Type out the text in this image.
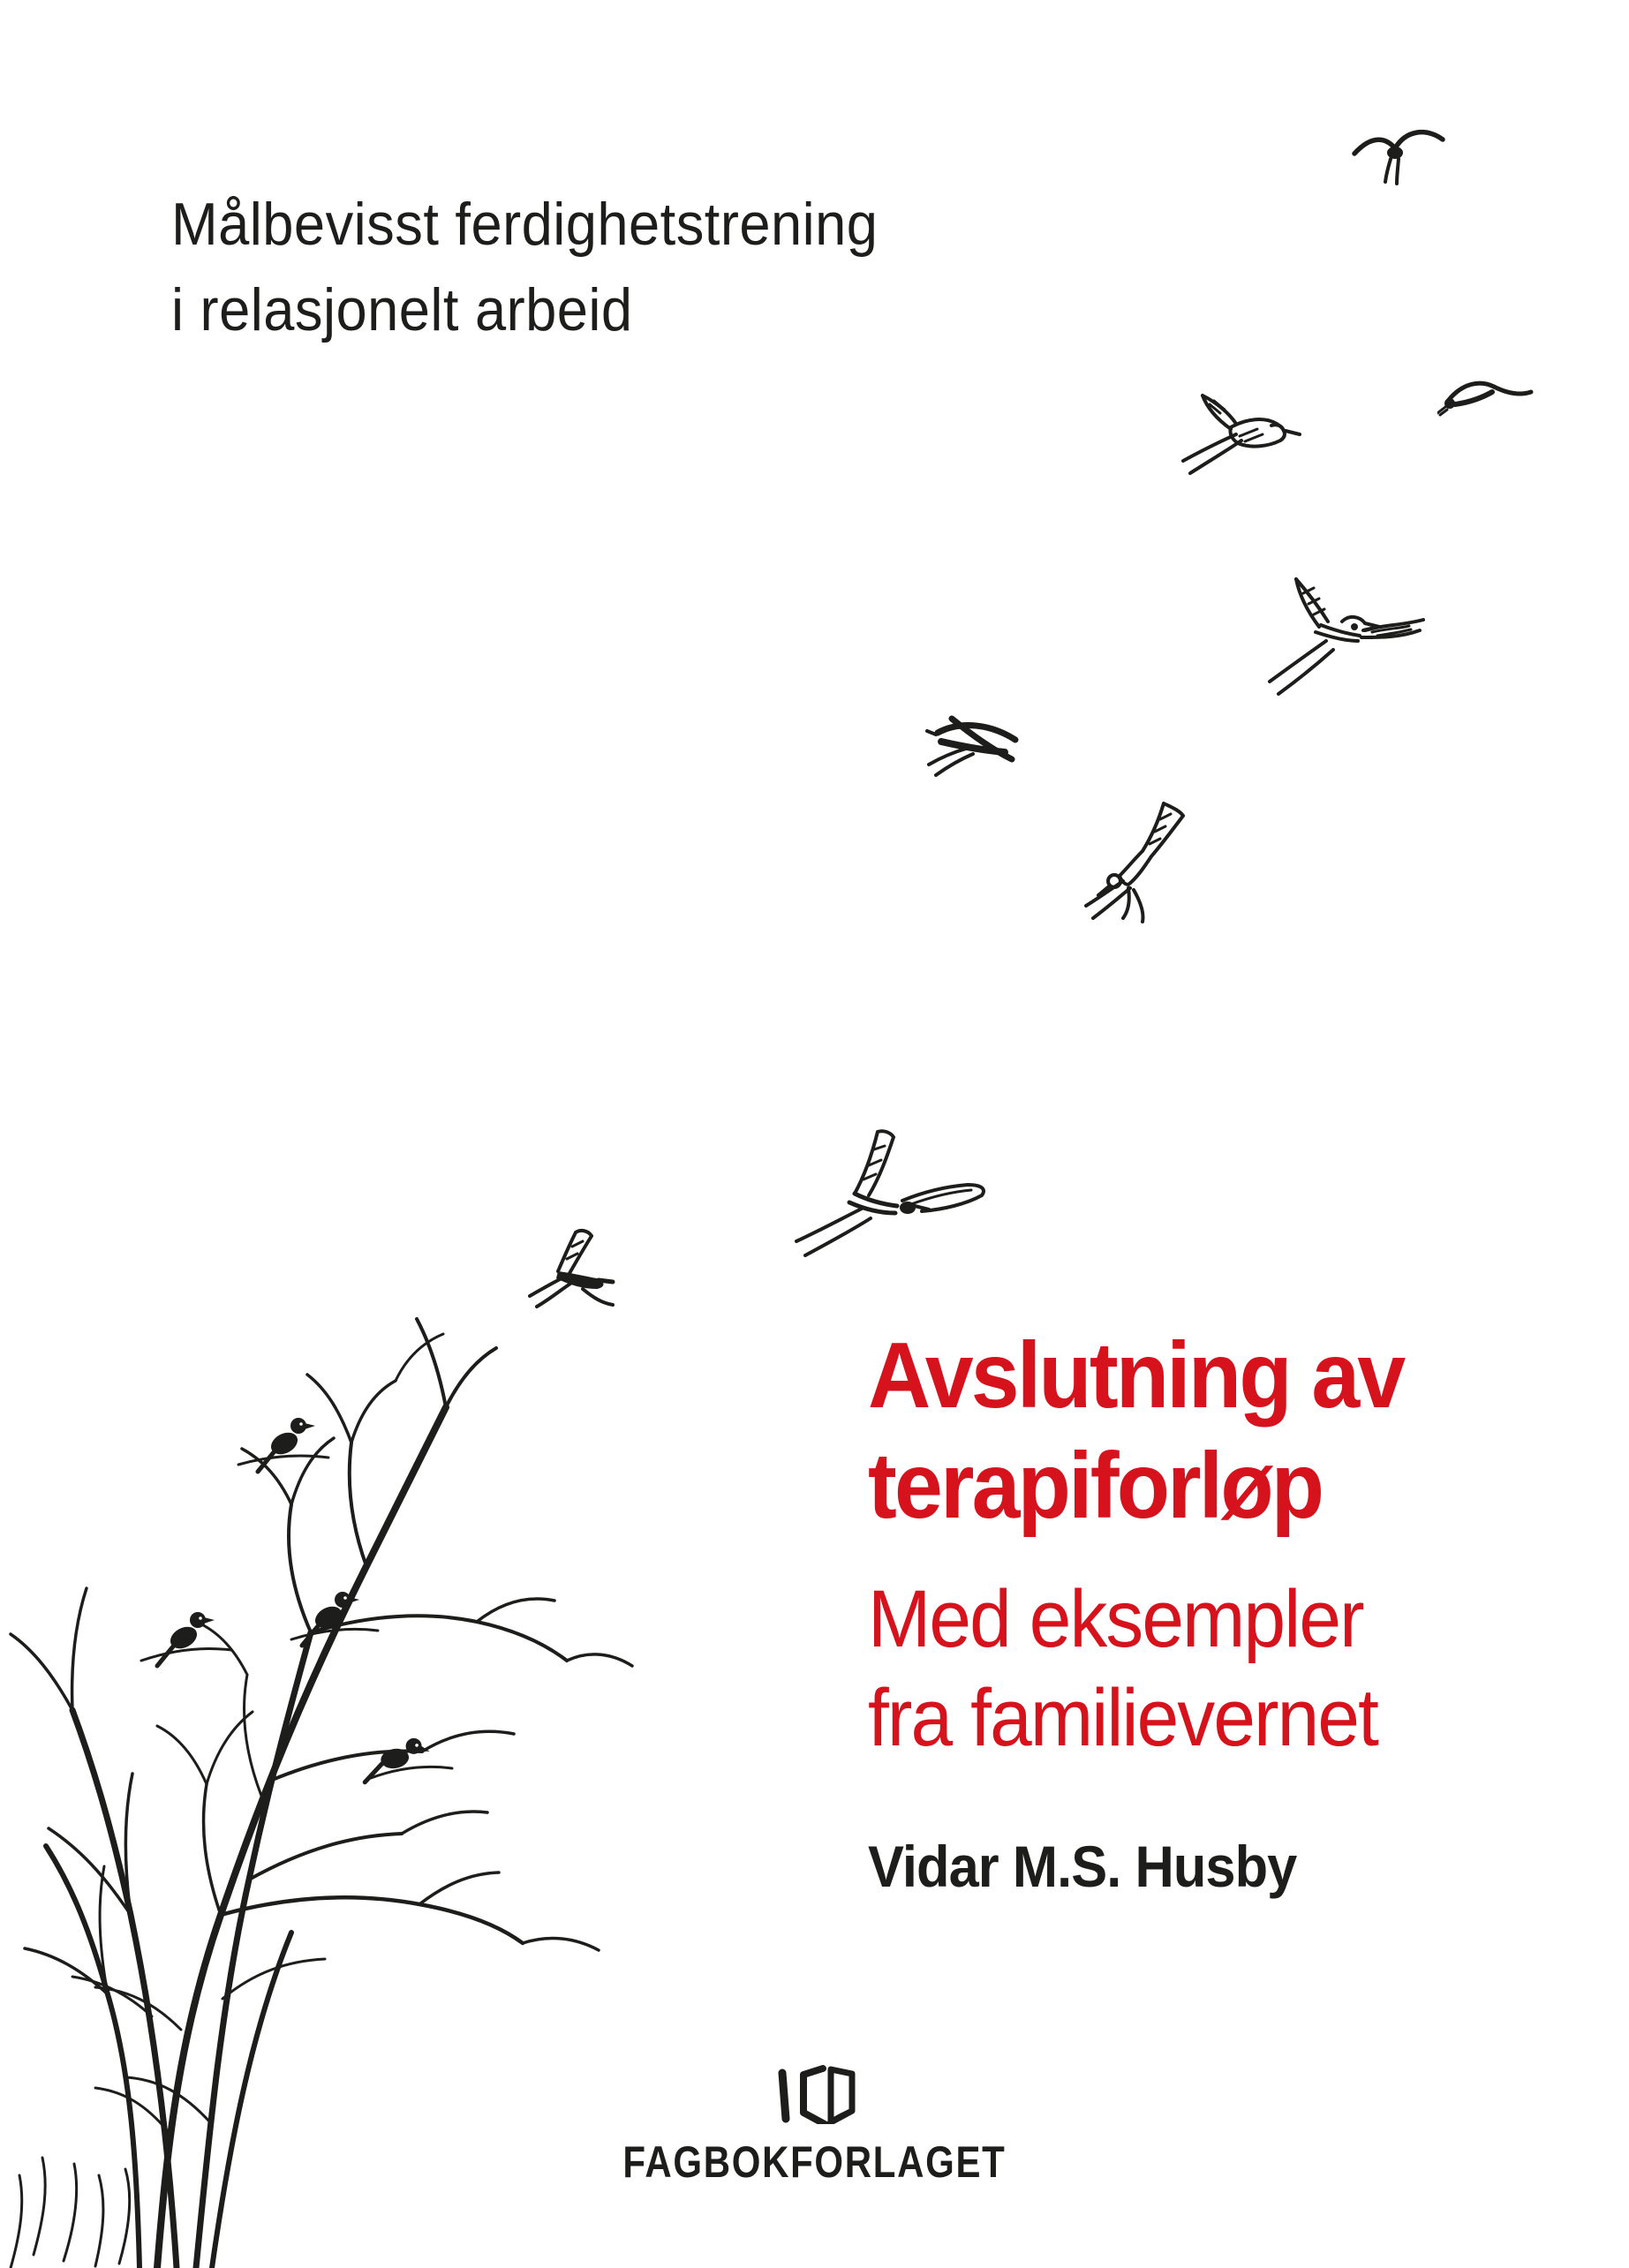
Målbevisst ferdighetstrening
i relasjonelt arbeid
Avslutning av
terapiforløp
Med eksempler
fra familievernet
Vidar M.S. Husby
FAGBOKFORLAGET
